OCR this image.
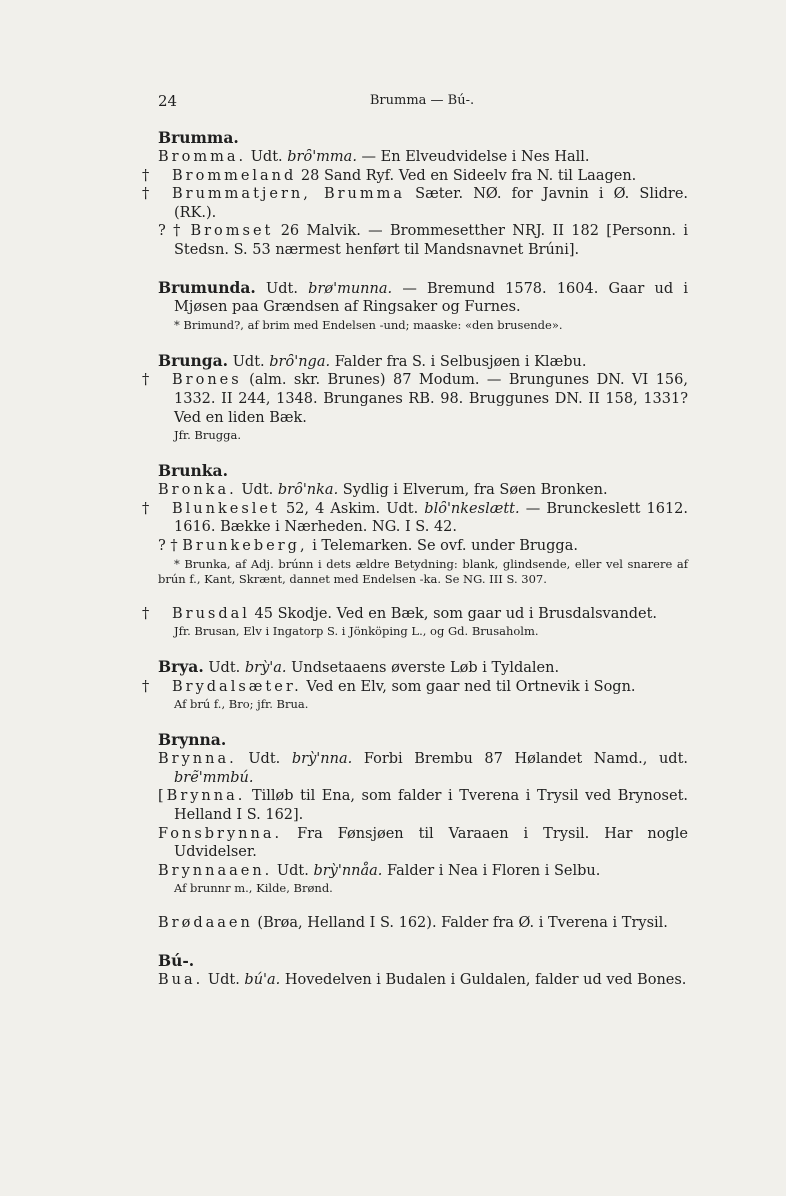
24	Brumma — Bú-.
Brumma.

Bromma. Udt. brȏ'mma. — En Elveudvidelse i Nes Hall.

† Brommeland 28 Sand Ryf. Ved en Sideelv fra N. til Laagen.

† Brummatjern, Brumma Sæter. NØ. for Javnin i Ø. Slidre. (RK.).

? † Bromset 26 Malvik. — Brommesetther NRJ. II 182 [Personn. i Stedsn. S. 53 nærmest henført til Mandsnavnet Brúni].

Brumunda. Udt. brø'munna. — Bremund 1578. 1604. Gaar ud i Mjøsen paa Grændsen af Ringsaker og Furnes.

* Brimund?, af brim med Endelsen -und; maaske: «den brusende».

Brunga. Udt. brȏ'nga. Falder fra S. i Selbusjøen i Klæbu.

† Brones (alm. skr. Brunes) 87 Modum. — Brungunes DN. VI 156, 1332. II 244, 1348. Brunganes RB. 98. Bruggunes DN. II 158, 1331? Ved en liden Bæk.

Jfr. Brugga.

Brunka.

Bronka. Udt. brȏ'nka. Sydlig i Elverum, fra Søen Bronken.

† Blunkeslet 52, 4 Askim. Udt. blȏ'nkeslætt. — Brunckeslett 1612. 1616. Bække i Nærheden. NG. I S. 42.

? † Brunkeberg, i Telemarken. Se ovf. under Brugga.

* Brunka, af Adj. brúnn i dets ældre Betydning: blank, glindsende, eller vel snarere af brún f., Kant, Skrænt, dannet med Endelsen -ka. Se NG. III S. 307.

† Brusdal 45 Skodje. Ved en Bæk, som gaar ud i Brusdalsvandet.

Jfr. Brusan, Elv i Ingatorp S. i Jönköping L., og Gd. Brusaholm.

Brya. Udt. brỳ'a. Undsetaaens øverste Løb i Tyldalen.

† Brydalsæter. Ved en Elv, som gaar ned til Ortnevik i Sogn.

Af brú f., Bro; jfr. Brua.

Brynna.

Brynna. Udt. brỳ'nna. Forbi Brembu 87 Hølandet Namd., udt. brẽ'mmbú.

[Brynna. Tilløb til Ena, som falder i Tverena i Trysil ved Brynoset. Helland I S. 162].

Fonsbrynna. Fra Fønsjøen til Varaaen i Trysil. Har nogle Udvidelser.

Brynnaaen. Udt. brỳ'nnåa. Falder i Nea i Floren i Selbu.

Af brunnr m., Kilde, Brønd.

Brødaaen (Brøa, Helland I S. 162). Falder fra Ø. i Tverena i Trysil.

Bú-.

Bua. Udt. bú'a. Hovedelven i Budalen i Guldalen, falder ud ved Bones.
